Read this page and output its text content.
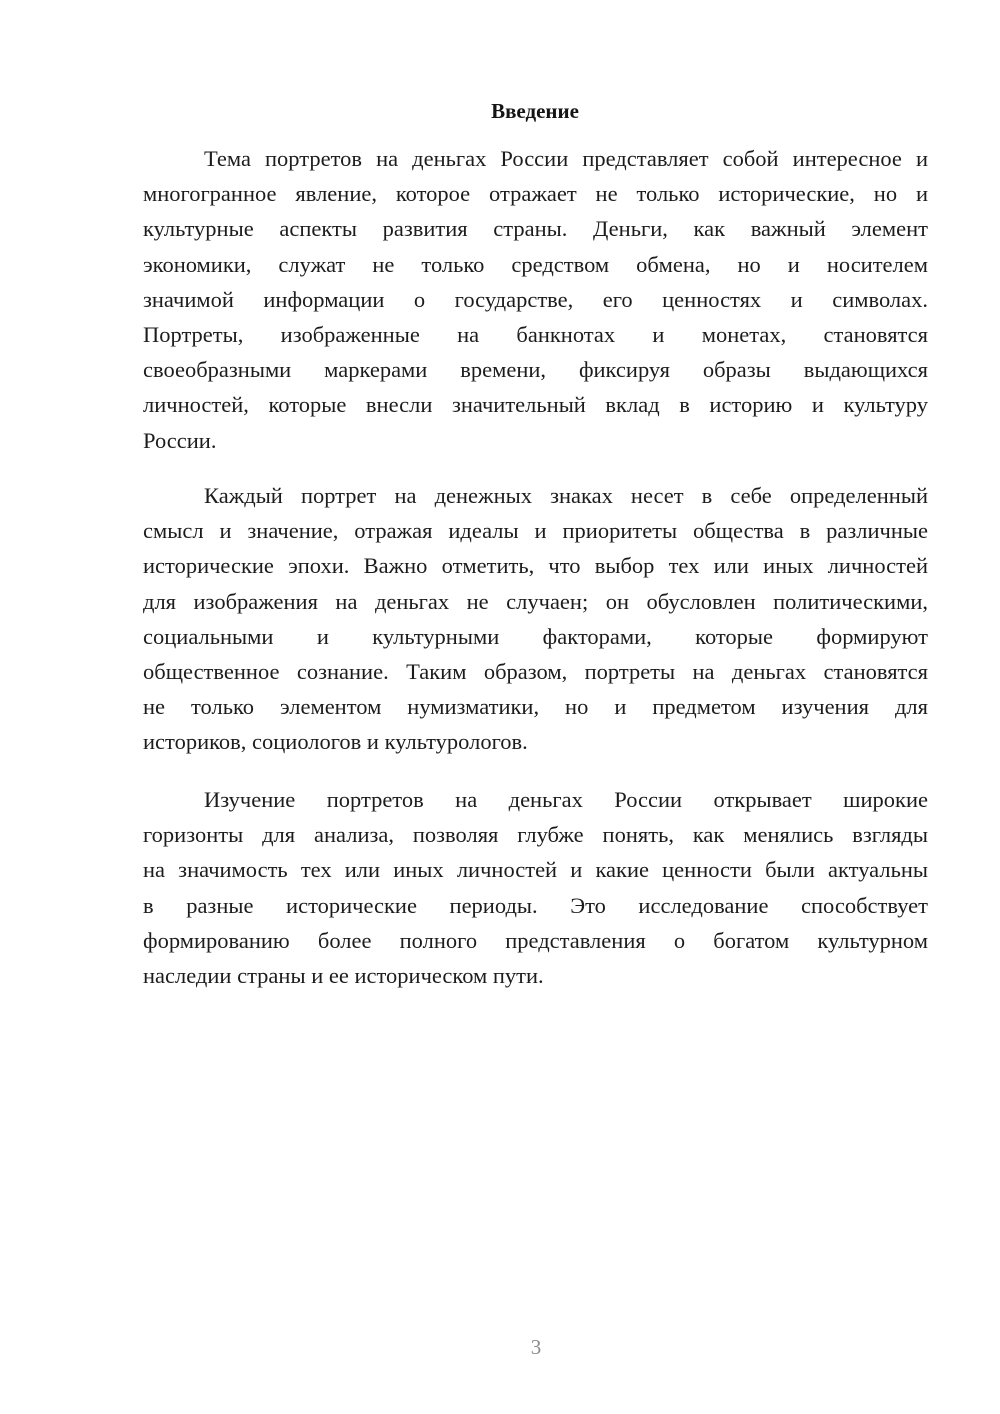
Введение
Тема портретов на деньгах России представляет собой интересное и
многогранное явление, которое отражает не только исторические, но и
культурные аспекты развития страны. Деньги, как важный элемент
экономики, служат не только средством обмена, но и носителем
значимой информации о государстве, его ценностях и символах.
Портреты, изображенные на банкнотах и монетах, становятся
своеобразными маркерами времени, фиксируя образы выдающихся
личностей, которые внесли значительный вклад в историю и культуру
России.
Каждый портрет на денежных знаках несет в себе определенный
смысл и значение, отражая идеалы и приоритеты общества в различные
исторические эпохи. Важно отметить, что выбор тех или иных личностей
для изображения на деньгах не случаен; он обусловлен политическими,
социальными и культурными факторами, которые формируют
общественное сознание. Таким образом, портреты на деньгах становятся
не только элементом нумизматики, но и предметом изучения для
историков, социологов и культурологов.
Изучение портретов на деньгах России открывает широкие
горизонты для анализа, позволяя глубже понять, как менялись взгляды
на значимость тех или иных личностей и какие ценности были актуальны
в разные исторические периоды. Это исследование способствует
формированию более полного представления о богатом культурном
наследии страны и ее историческом пути.
3
